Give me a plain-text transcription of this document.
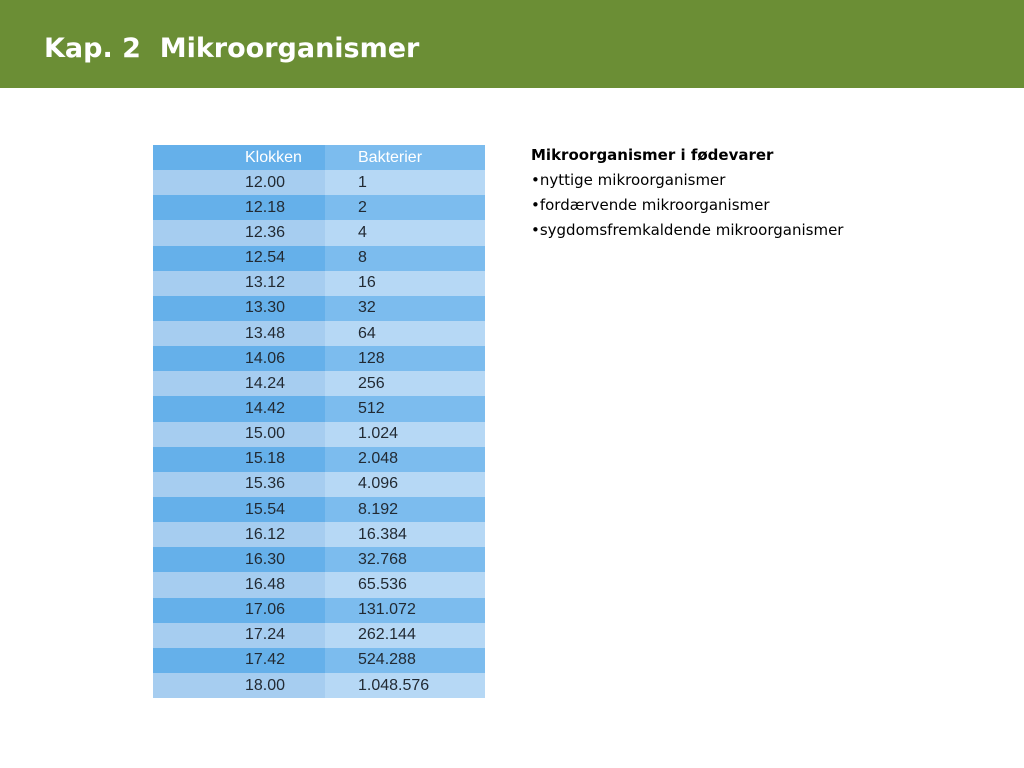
Kap. 2  Mikroorganismer
Klokken	Bakterier
12.00	1
12.18	2
12.36	4
12.54	8
13.12	16
13.30	32
13.48	64
14.06	128
14.24	256
14.42	512
15.00	1.024
15.18	2.048
15.36	4.096
15.54	8.192
16.12	16.384
16.30	32.768
16.48	65.536
17.06	131.072
17.24	262.144
17.42	524.288
18.00	1.048.576
Mikroorganismer i fødevarer
•nyttige mikroorganismer
•fordærvende mikroorganismer
•sygdomsfremkaldende mikroorganismer
